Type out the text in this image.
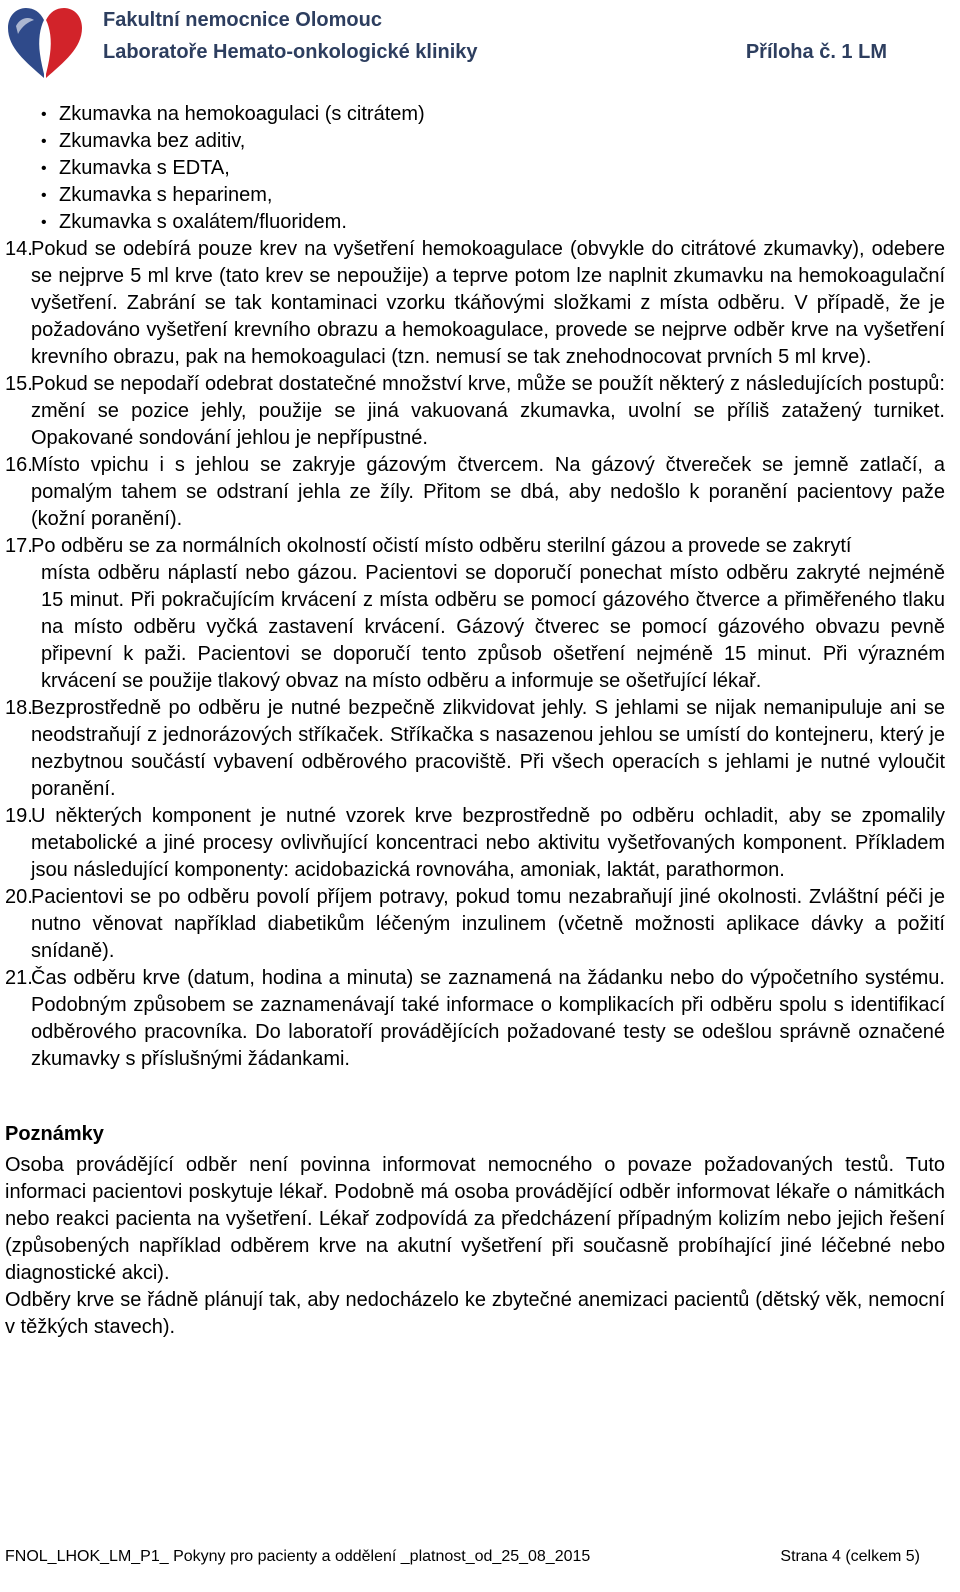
Fakultní nemocnice Olomouc
Laboratoře Hemato-onkologické kliniky	Příloha č. 1 LM
• Zkumavka na hemokoagulaci (s citrátem)
• Zkumavka bez aditiv,
• Zkumavka s EDTA,
• Zkumavka s heparinem,
• Zkumavka s oxalátem/fluoridem.
14.
Pokud se odebírá pouze krev na vyšetření hemokoagulace (obvykle do citrátové zkumavky), odebere se nejprve 5 ml krve (tato krev se nepoužije) a teprve potom lze naplnit zkumavku na hemokoagulační vyšetření. Zabrání se tak kontaminaci vzorku tkáňovými složkami z místa odběru. V případě, že je požadováno vyšetření krevního obrazu a hemokoagulace, provede se nejprve odběr krve na vyšetření krevního obrazu, pak na hemokoagulaci (tzn. nemusí se tak znehodnocovat prvních 5 ml krve).
15.
Pokud se nepodaří odebrat dostatečné množství krve, může se použít některý z následujících postupů: změní se pozice jehly, použije se jiná vakuovaná zkumavka, uvolní se příliš zatažený turniket. Opakované sondování jehlou je nepřípustné.
16.
Místo vpichu i s jehlou se zakryje gázovým čtvercem. Na gázový čtvereček se jemně zatlačí, a pomalým tahem se odstraní jehla ze žíly. Přitom se dbá, aby nedošlo k poranění pacientovy paže (kožní poranění).
17.
Po odběru se za normálních okolností očistí místo odběru sterilní gázou a provede se zakrytí
místa odběru náplastí nebo gázou. Pacientovi se doporučí ponechat místo odběru zakryté nejméně 15 minut. Při pokračujícím krvácení z místa odběru se pomocí gázového čtverce a přiměřeného tlaku na místo odběru vyčká zastavení krvácení. Gázový čtverec se pomocí gázového obvazu pevně připevní k paži. Pacientovi se doporučí tento způsob ošetření nejméně 15 minut. Při výrazném krvácení se použije tlakový obvaz na místo odběru a informuje se ošetřující lékař.
18.
Bezprostředně po odběru je nutné bezpečně zlikvidovat jehly. S jehlami se nijak nemanipuluje ani se neodstraňují z jednorázových stříkaček. Stříkačka s nasazenou jehlou se umístí do kontejneru, který je nezbytnou součástí vybavení odběrového pracoviště. Při všech operacích s jehlami je nutné vyloučit poranění.
19.
U některých komponent je nutné vzorek krve bezprostředně po odběru ochladit, aby se zpomalily metabolické a jiné procesy ovlivňující koncentraci nebo aktivitu vyšetřovaných komponent. Příkladem jsou následující komponenty: acidobazická rovnováha, amoniak, laktát, parathormon.
20.
Pacientovi se po odběru povolí příjem potravy, pokud tomu nezabraňují jiné okolnosti. Zvláštní péči je nutno věnovat například diabetikům léčeným inzulinem (včetně možnosti aplikace dávky a požití snídaně).
21.
Čas odběru krve (datum, hodina a minuta) se zaznamená na žádanku nebo do výpočetního systému. Podobným způsobem se zaznamenávají také informace o komplikacích při odběru spolu s identifikací odběrového pracovníka. Do laboratoří provádějících požadované testy se odešlou správně označené zkumavky s příslušnými žádankami.
Poznámky

Osoba provádějící odběr není povinna informovat nemocného o povaze požadovaných testů. Tuto informaci pacientovi poskytuje lékař. Podobně má osoba provádějící odběr informovat lékaře o námitkách nebo reakci pacienta na vyšetření. Lékař zodpovídá za předcházení případným kolizím nebo jejich řešení (způsobených například odběrem krve na akutní vyšetření při současně probíhající jiné léčebné nebo diagnostické akci).

Odběry krve se řádně plánují tak, aby nedocházelo ke zbytečné anemizaci pacientů (dětský věk, nemocní v těžkých stavech).

FNOL_LHOK_LM_P1_ Pokyny pro pacienty a oddělení _platnost_od_25_08_2015	Strana 4 (celkem 5)
